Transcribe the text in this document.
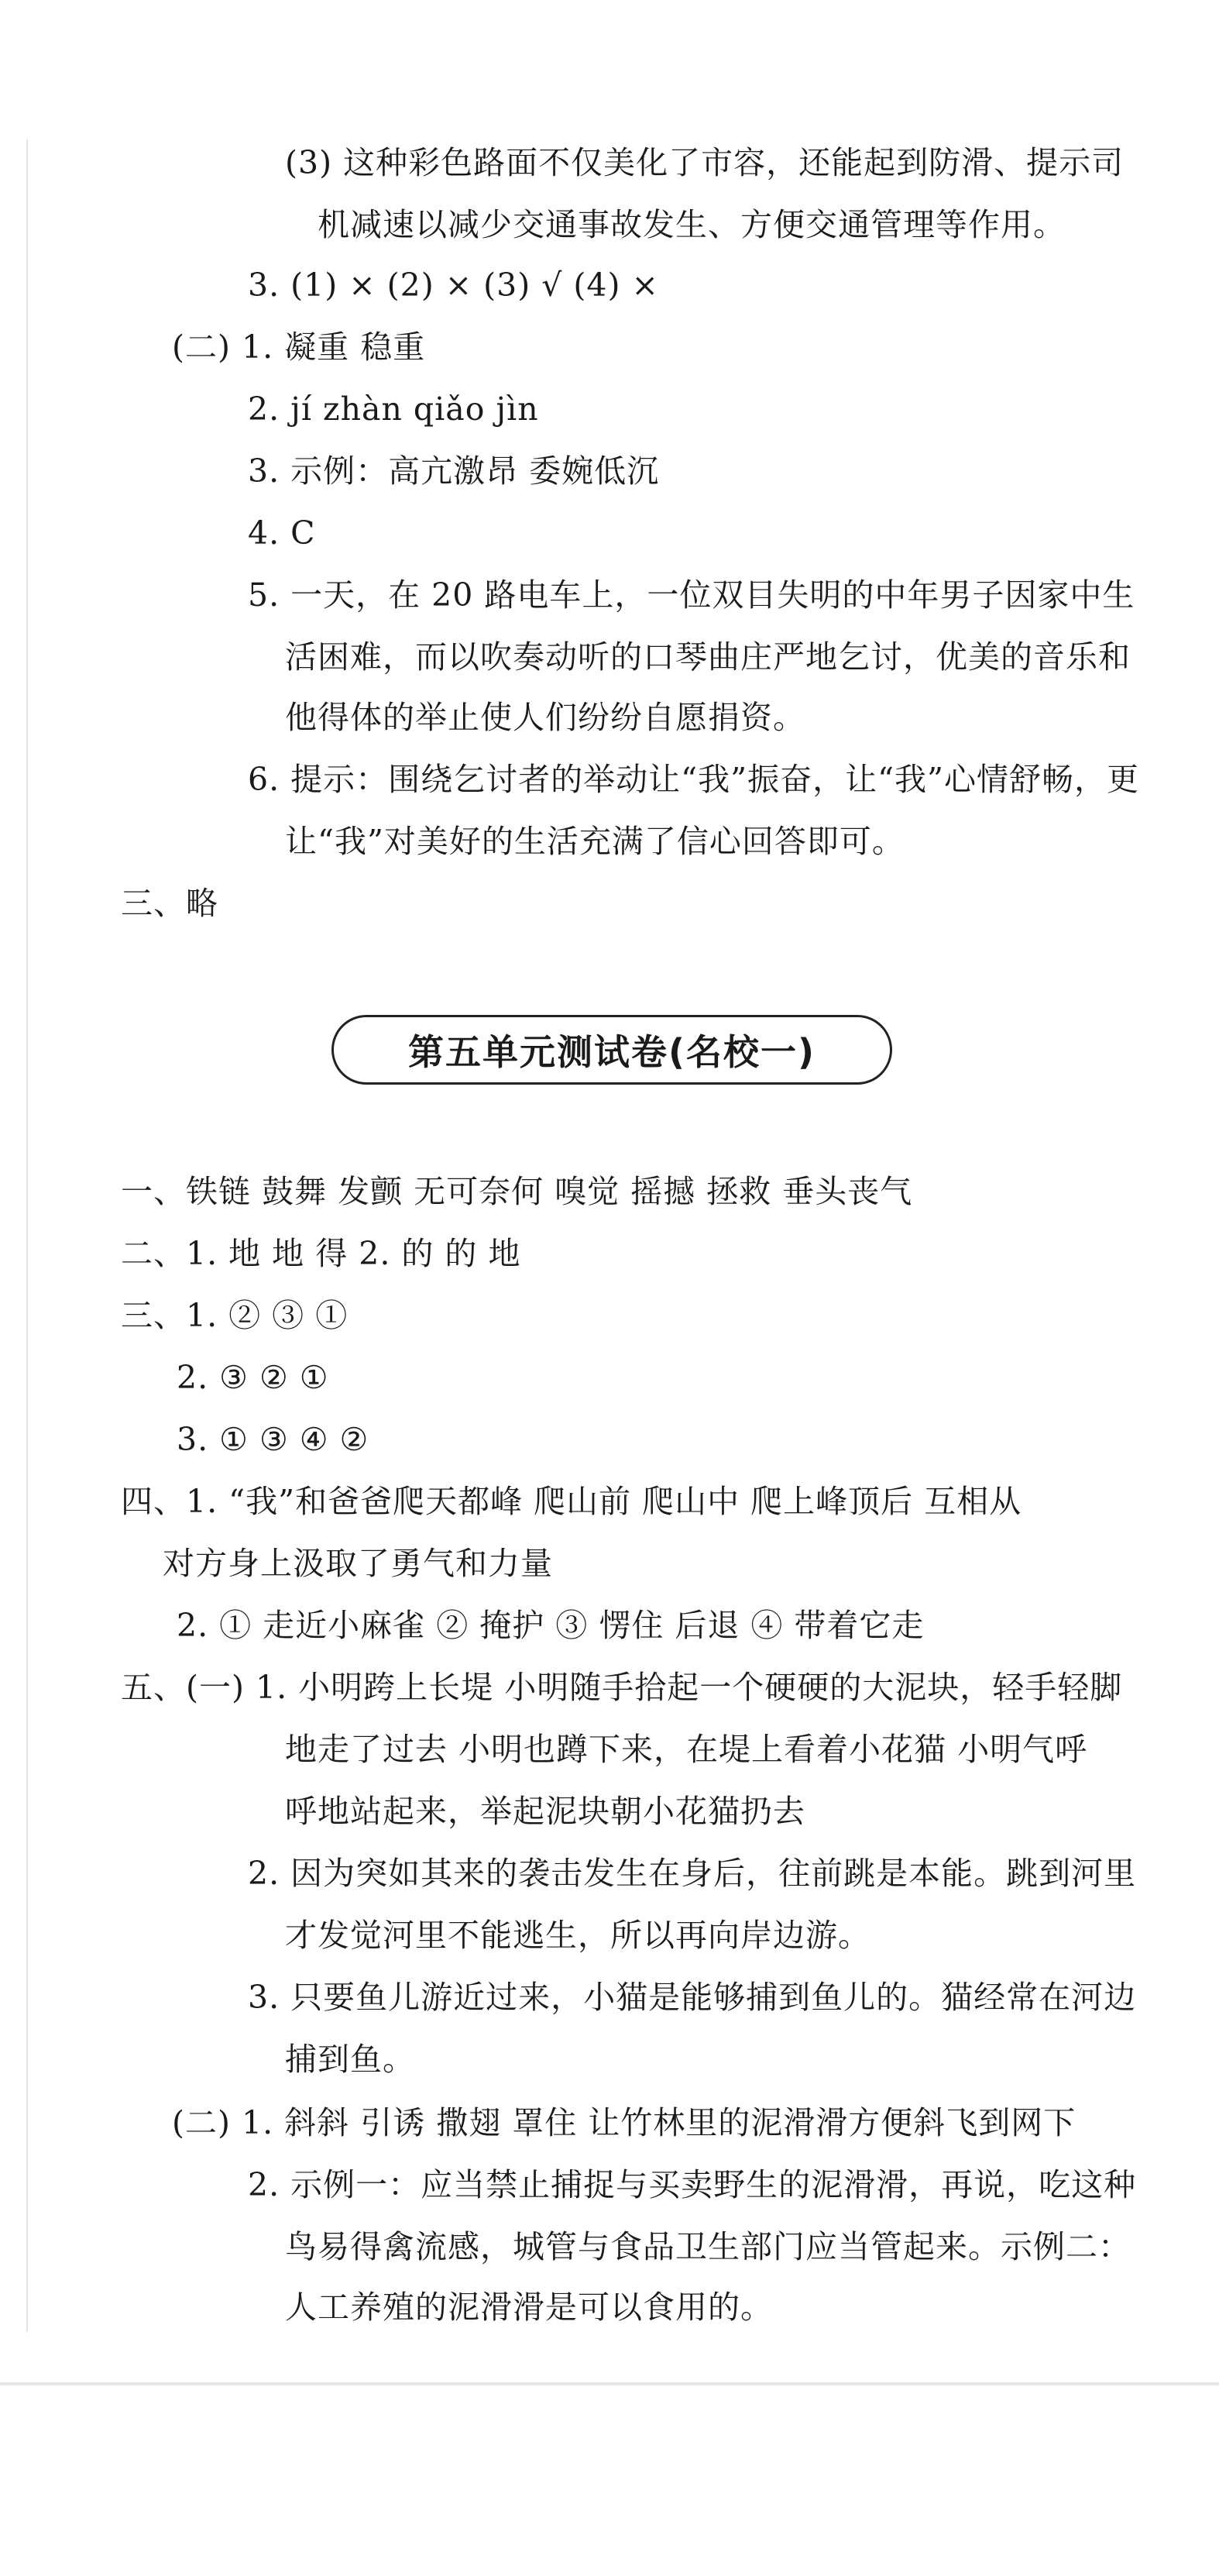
(3) 这种彩色路面不仅美化了市容，还能起到防滑、提示司
机减速以减少交通事故发生、方便交通管理等作用。
3. (1) × (2) × (3) √ (4) ×
(二) 1. 凝重 稳重
2. jí zhàn qiǎo jìn
3. 示例：高亢激昂 委婉低沉
4. C
5. 一天，在 20 路电车上，一位双目失明的中年男子因家中生
活困难，而以吹奏动听的口琴曲庄严地乞讨，优美的音乐和
他得体的举止使人们纷纷自愿捐资。
6. 提示：围绕乞讨者的举动让“我”振奋，让“我”心情舒畅，更
让“我”对美好的生活充满了信心回答即可。
三、略
第五单元测试卷(名校一)
一、铁链 鼓舞 发颤 无可奈何 嗅觉 摇撼 拯救 垂头丧气
二、1. 地 地 得 2. 的 的 地
三、1. ② ③ ①
2. ③ ② ①
3. ① ③ ④ ②
四、1. “我”和爸爸爬天都峰 爬山前 爬山中 爬上峰顶后 互相从
对方身上汲取了勇气和力量
2. ① 走近小麻雀 ② 掩护 ③ 愣住 后退 ④ 带着它走
五、(一) 1. 小明跨上长堤 小明随手拾起一个硬硬的大泥块，轻手轻脚
地走了过去 小明也蹲下来，在堤上看着小花猫 小明气呼
呼地站起来，举起泥块朝小花猫扔去
2. 因为突如其来的袭击发生在身后，往前跳是本能。跳到河里
才发觉河里不能逃生，所以再向岸边游。
3. 只要鱼儿游近过来，小猫是能够捕到鱼儿的。猫经常在河边
捕到鱼。
(二) 1. 斜斜 引诱 撒翅 罩住 让竹林里的泥滑滑方便斜飞到网下
2. 示例一：应当禁止捕捉与买卖野生的泥滑滑，再说，吃这种
鸟易得禽流感，城管与食品卫生部门应当管起来。示例二：
人工养殖的泥滑滑是可以食用的。
